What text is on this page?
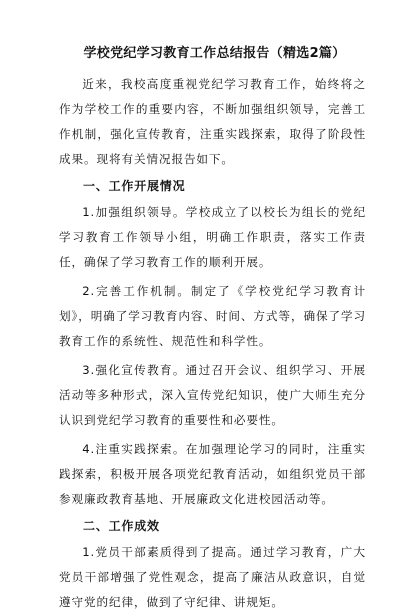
学校党纪学习教育工作总结报告（精选2篇）

近来，我校高度重视党纪学习教育工作，始终将之作为学校工作的重要内容，不断加强组织领导，完善工作机制，强化宣传教育，注重实践探索，取得了阶段性成果。现将有关情况报告如下。

一、工作开展情况

1.加强组织领导。学校成立了以校长为组长的党纪学习教育工作领导小组，明确工作职责，落实工作责任，确保了学习教育工作的顺利开展。

2.完善工作机制。制定了《学校党纪学习教育计划》，明确了学习教育内容、时间、方式等，确保了学习教育工作的系统性、规范性和科学性。

3.强化宣传教育。通过召开会议、组织学习、开展活动等多种形式，深入宣传党纪知识，使广大师生充分认识到党纪学习教育的重要性和必要性。

4.注重实践探索。在加强理论学习的同时，注重实践探索，积极开展各项党纪教育活动，如组织党员干部参观廉政教育基地、开展廉政文化进校园活动等。

二、工作成效

1.党员干部素质得到了提高。通过学习教育，广大党员干部增强了党性观念，提高了廉洁从政意识，自觉遵守党的纪律，做到了守纪律、讲规矩。
